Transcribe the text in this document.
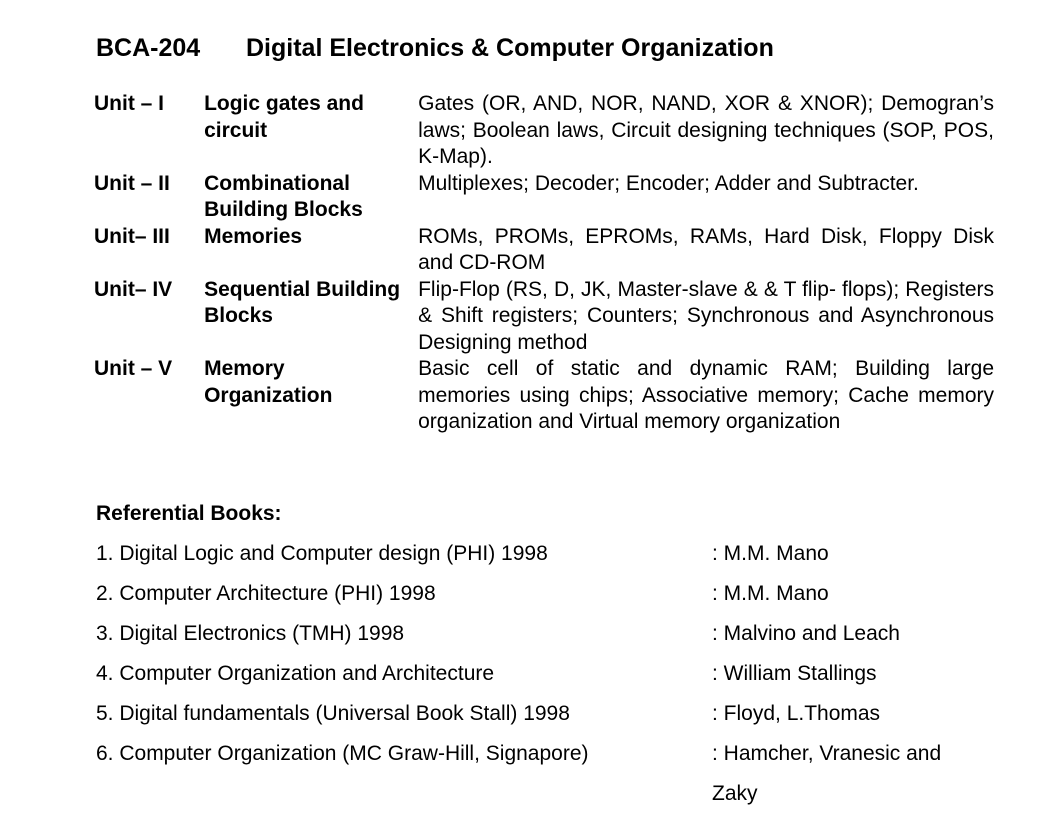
BCA-204 Digital Electronics & Computer Organization
Unit – I	Logic gates and circuit	Gates (OR, AND, NOR, NAND, XOR & XNOR); Demogran’s laws; Boolean laws, Circuit designing techniques (SOP, POS, K-Map).
Unit – II	Combinational Building Blocks	Multiplexes; Decoder; Encoder; Adder and Subtracter.
Unit– III	Memories	ROMs, PROMs, EPROMs, RAMs, Hard Disk, Floppy Disk and CD-ROM
Unit– IV	Sequential Building Blocks	Flip-Flop (RS, D, JK, Master-slave & & T flip- flops); Registers & Shift registers; Counters; Synchronous and Asynchronous Designing method
Unit – V	Memory Organization	Basic cell of static and dynamic RAM; Building large memories using chips; Associative memory; Cache memory organization and Virtual memory organization
Referential Books:
1. Digital Logic and Computer design (PHI) 1998	: M.M. Mano
2. Computer Architecture (PHI) 1998	: M.M. Mano
3. Digital Electronics (TMH) 1998	: Malvino and Leach
4. Computer Organization and Architecture	: William Stallings
5. Digital fundamentals (Universal Book Stall) 1998	: Floyd, L.Thomas
6. Computer Organization (MC Graw-Hill, Signapore)	: Hamcher, Vranesic and Zaky
